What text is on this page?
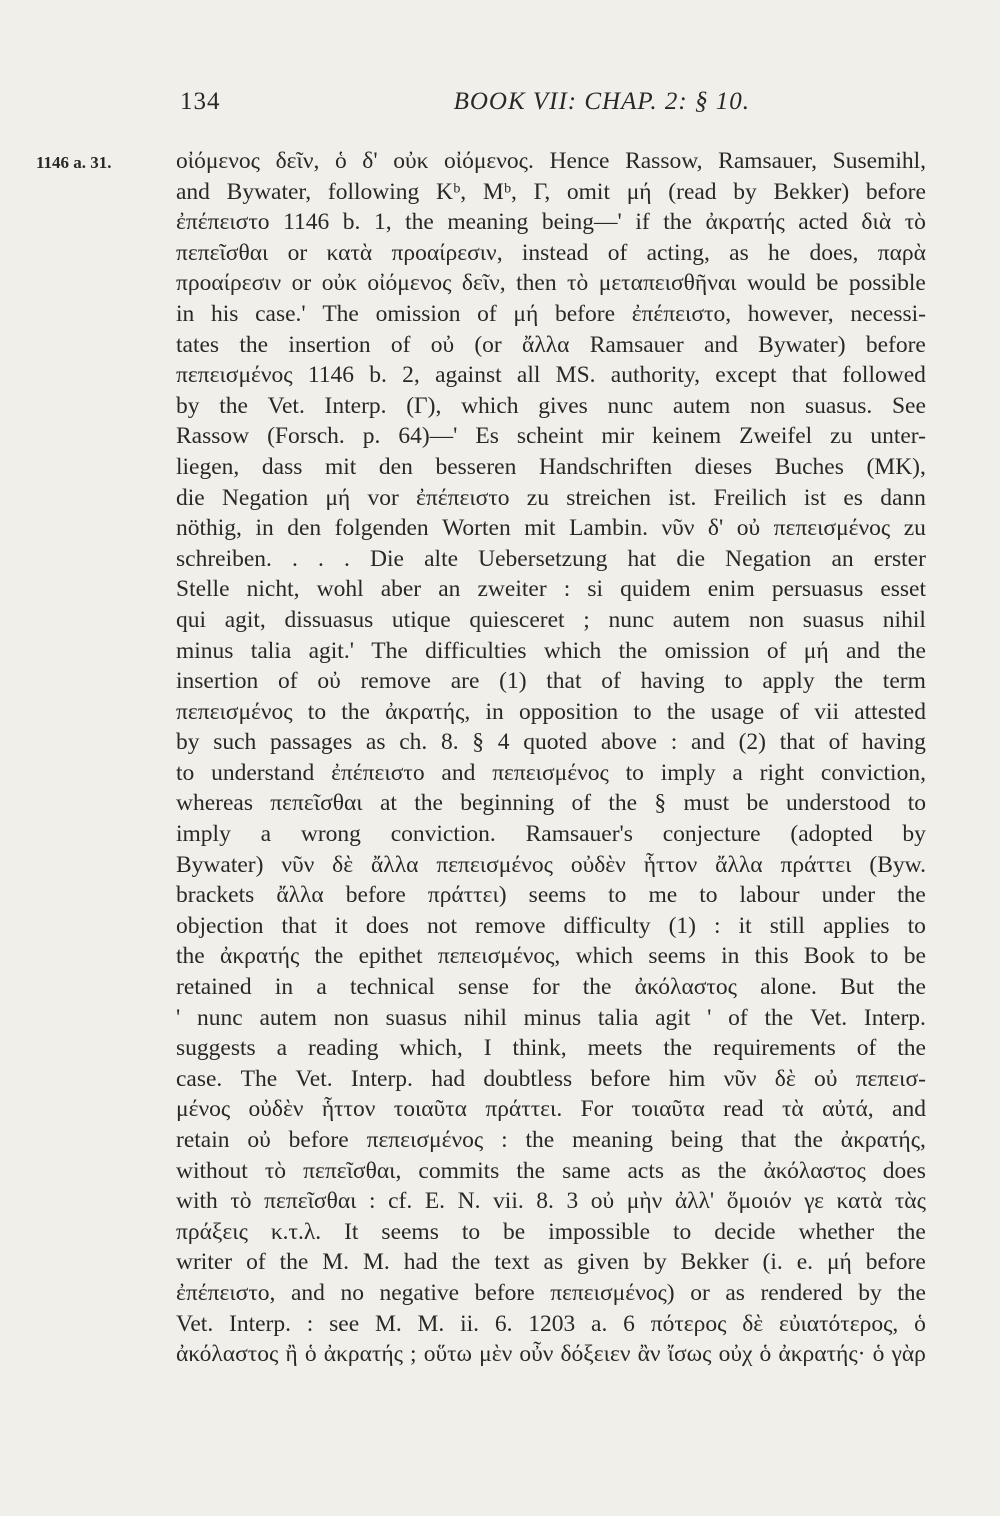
134	BOOK VII: CHAP. 2: § 10.
1146 a. 31.	οἰόμενος δεῖν, ὁ δ' οὐκ οἰόμενος. Hence Rassow, Ramsauer, Susemihl,
and Bywater, following Kᵇ, Mᵇ, Γ, omit μή (read by Bekker) before
ἐπέπειστο 1146 b. 1, the meaning being—' if the ἀκρατής acted διὰ τὸ
πεπεῖσθαι or κατὰ προαίρεσιν, instead of acting, as he does, παρὰ
προαίρεσιν or οὐκ οἰόμενος δεῖν, then τὸ μεταπεισθῆναι would be possible
in his case.' The omission of μή before ἐπέπειστο, however, necessi-
tates the insertion of οὐ (or ἄλλα Ramsauer and Bywater) before
πεπεισμένος 1146 b. 2, against all MS. authority, except that followed
by the Vet. Interp. (Γ), which gives nunc autem non suasus. See
Rassow (Forsch. p. 64)—' Es scheint mir keinem Zweifel zu unter-
liegen, dass mit den besseren Handschriften dieses Buches (MK),
die Negation μή vor ἐπέπειστο zu streichen ist. Freilich ist es dann
nöthig, in den folgenden Worten mit Lambin. νῦν δ' οὐ πεπεισμένος zu
schreiben. . . . Die alte Uebersetzung hat die Negation an erster
Stelle nicht, wohl aber an zweiter : si quidem enim persuasus esset
qui agit, dissuasus utique quiesceret ; nunc autem non suasus nihil
minus talia agit.' The difficulties which the omission of μή and the
insertion of οὐ remove are (1) that of having to apply the term
πεπεισμένος to the ἀκρατής, in opposition to the usage of vii attested
by such passages as ch. 8. § 4 quoted above : and (2) that of having
to understand ἐπέπειστο and πεπεισμένος to imply a right conviction,
whereas πεπεῖσθαι at the beginning of the § must be understood to
imply a wrong conviction. Ramsauer's conjecture (adopted by
Bywater) νῦν δὲ ἄλλα πεπεισμένος οὐδὲν ἧττον ἄλλα πράττει (Byw.
brackets ἄλλα before πράττει) seems to me to labour under the
objection that it does not remove difficulty (1) : it still applies to
the ἀκρατής the epithet πεπεισμένος, which seems in this Book to be
retained in a technical sense for the ἀκόλαστος alone. But the
' nunc autem non suasus nihil minus talia agit ' of the Vet. Interp.
suggests a reading which, I think, meets the requirements of the
case. The Vet. Interp. had doubtless before him νῦν δὲ οὐ πεπεισ-
μένος οὐδὲν ἧττον τοιαῦτα πράττει. For τοιαῦτα read τὰ αὐτά, and
retain οὐ before πεπεισμένος : the meaning being that the ἀκρατής,
without τὸ πεπεῖσθαι, commits the same acts as the ἀκόλαστος does
with τὸ πεπεῖσθαι : cf. E. N. vii. 8. 3 οὐ μὴν ἀλλ' ὅμοιόν γε κατὰ τὰς
πράξεις κ.τ.λ. It seems to be impossible to decide whether the
writer of the M. M. had the text as given by Bekker (i. e. μή before
ἐπέπειστο, and no negative before πεπεισμένος) or as rendered by the
Vet. Interp. : see M. M. ii. 6. 1203 a. 6 πότερος δὲ εὐιατότερος, ὁ
ἀκόλαστος ἢ ὁ ἀκρατής ; οὕτω μὲν οὖν δόξειεν ἂν ἴσως οὐχ ὁ ἀκρατής· ὁ γὰρ
